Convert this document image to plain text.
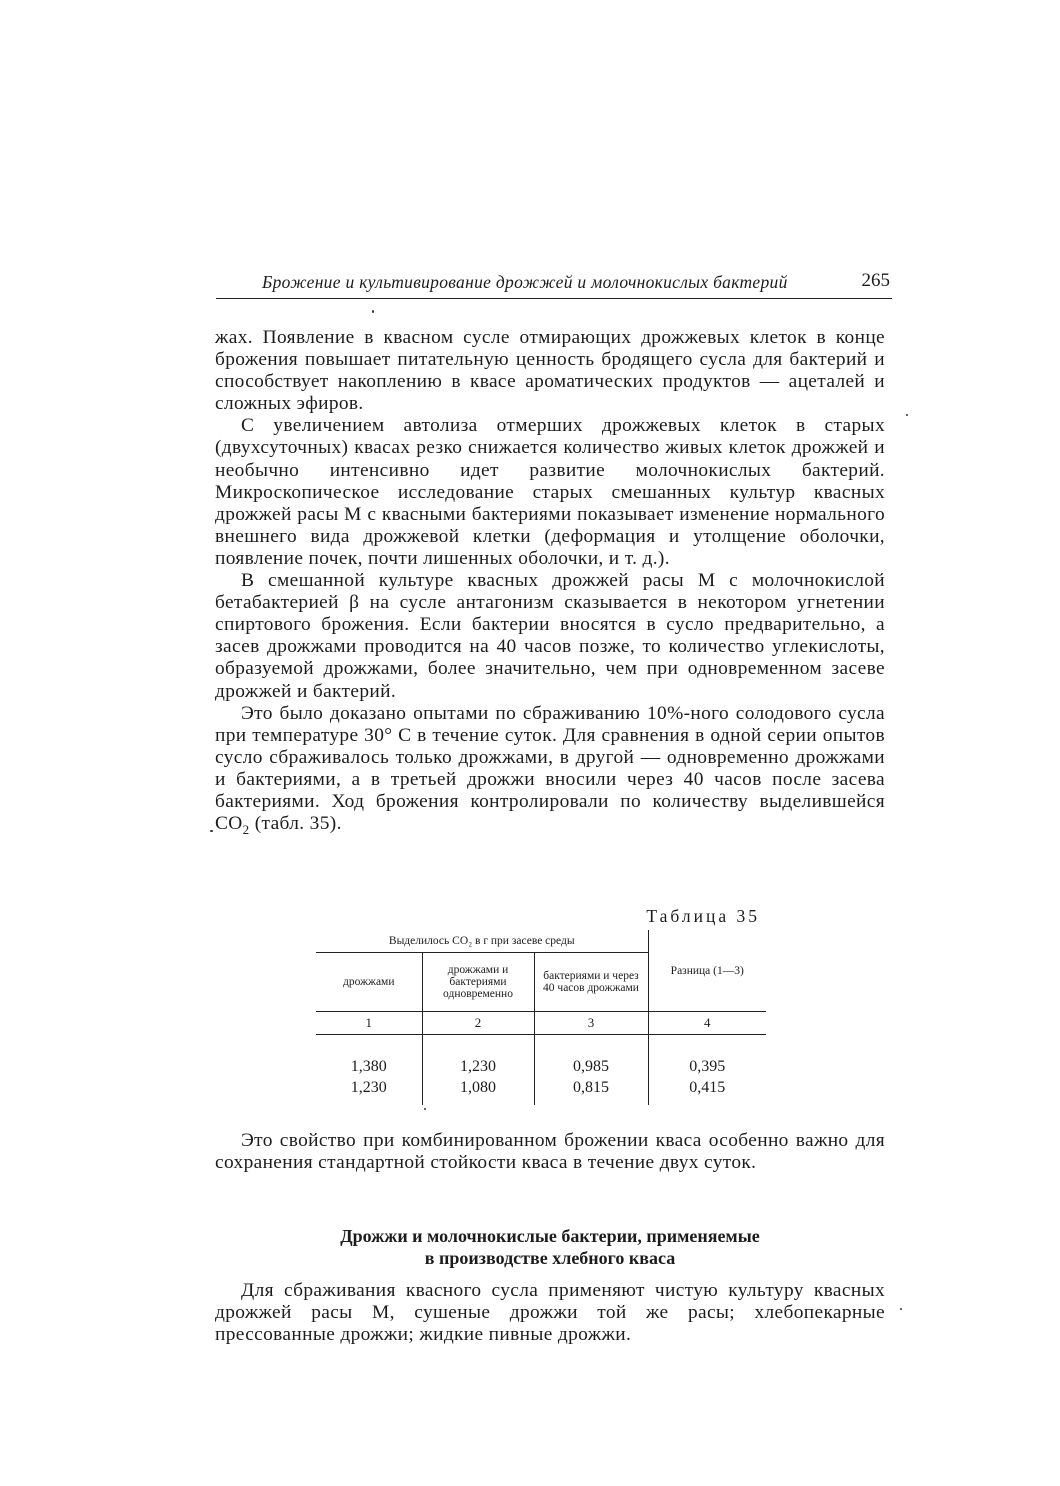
Брожение и культивирование дрожжей и молочнокислых бактерий	265

жах. Появление в квасном сусле отмирающих дрожжевых клеток в конце брожения повышает питательную ценность бродящего сусла для бактерий и способствует накоплению в квасе ароматических продуктов — ацеталей и сложных эфиров.

С увеличением автолиза отмерших дрожжевых клеток в старых (двухсуточных) квасах резко снижается количество живых клеток дрожжей и необычно интенсивно идет развитие молочнокислых бактерий. Микроскопическое исследование старых смешанных культур квасных дрожжей расы М с квасными бактериями показывает изменение нормального внешнего вида дрожжевой клетки (деформация и утолщение оболочки, появление почек, почти лишенных оболочки, и т. д.).

В смешанной культуре квасных дрожжей расы М с молочнокислой бетабактерией β на сусле антагонизм сказывается в некотором угнетении спиртового брожения. Если бактерии вносятся в сусло предварительно, а засев дрожжами проводится на 40 часов позже, то количество углекислоты, образуемой дрожжами, более значительно, чем при одновременном засеве дрожжей и бактерий.

Это было доказано опытами по сбраживанию 10%-ного солодового сусла при температуре 30° С в течение суток. Для сравнения в одной серии опытов сусло сбраживалось только дрожжами, в другой — одновременно дрожжами и бактериями, а в третьей дрожжи вносили через 40 часов после засева бактериями. Ход брожения контролировали по количеству выделившейся $СО_2$ (табл. 35).

Таблица 35
Выделилось СО₂ в г при засеве среды			Разница (1—3)
дрожжами	дрожжами и бактериями одновременно	бактериями и через 40 часов дрожжами	
1	2	3	4
1,380	1,230	0,985	0,395
1,230	1,080	0,815	0,415

Это свойство при комбинированном брожении кваса особенно важно для сохранения стандартной стойкости кваса в течение двух суток.

Дрожжи и молочнокислые бактерии, применяемые
в производстве хлебного кваса

Для сбраживания квасного сусла применяют чистую культуру квасных дрожжей расы М, сушеные дрожжи той же расы; хлебопекарные прессованные дрожжи; жидкие пивные дрожжи.
